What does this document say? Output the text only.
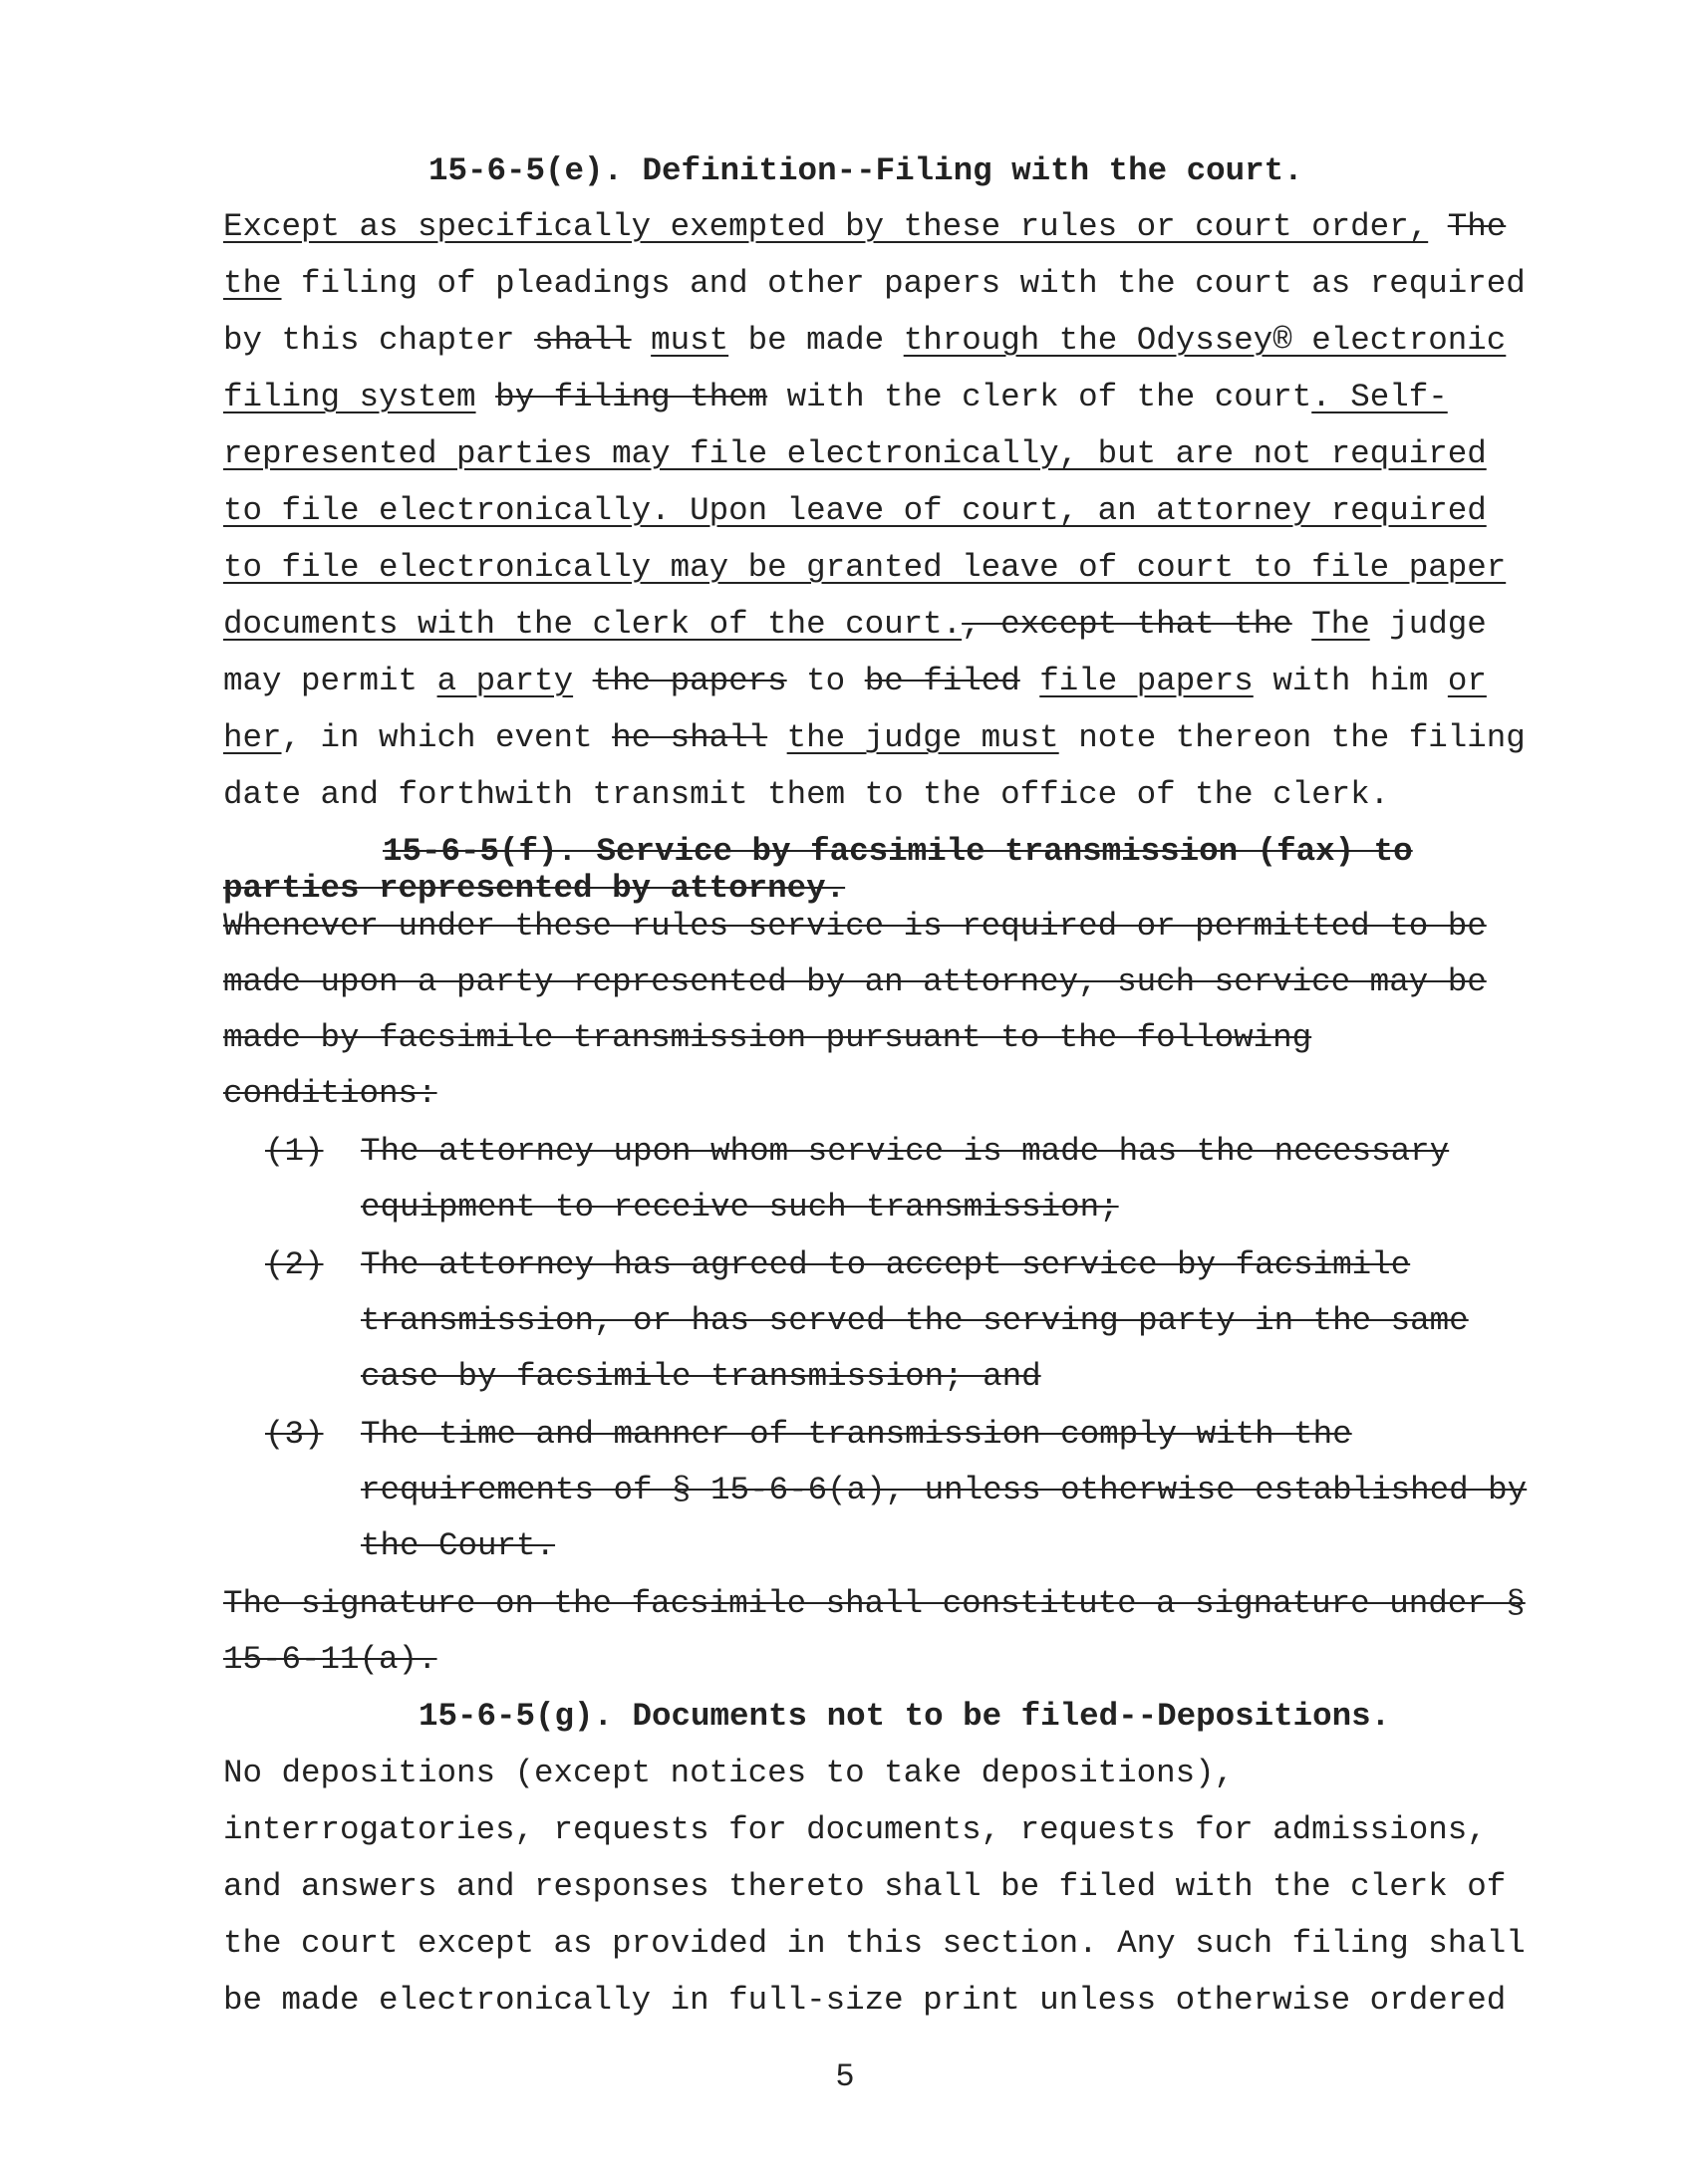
15-6-5(e). Definition--Filing with the court.
Except as specifically exempted by these rules or court order, The
the filing of pleadings and other papers with the court as required
by this chapter shall must be made through the Odyssey® electronic
filing system by filing them with the clerk of the court. Self-
represented parties may file electronically, but are not required
to file electronically. Upon leave of court, an attorney required
to file electronically may be granted leave of court to file paper
documents with the clerk of the court., except that the The judge
may permit a party the papers to be filed file papers with him or
her, in which event he shall the judge must note thereon the filing
date and forthwith transmit them to the office of the clerk.
15-6-5(f). Service by facsimile transmission (fax) to
parties represented by attorney.
Whenever under these rules service is required or permitted to be
made upon a party represented by an attorney, such service may be
made by facsimile transmission pursuant to the following
conditions:
(1) The attorney upon whom service is made has the necessary
equipment to receive such transmission;
(2) The attorney has agreed to accept service by facsimile
transmission, or has served the serving party in the same
case by facsimile transmission; and
(3) The time and manner of transmission comply with the
requirements of § 15-6-6(a), unless otherwise established by
the Court.
The signature on the facsimile shall constitute a signature under §
15-6-11(a).
15-6-5(g). Documents not to be filed--Depositions.
No depositions (except notices to take depositions),
interrogatories, requests for documents, requests for admissions,
and answers and responses thereto shall be filed with the clerk of
the court except as provided in this section. Any such filing shall
be made electronically in full-size print unless otherwise ordered
5
